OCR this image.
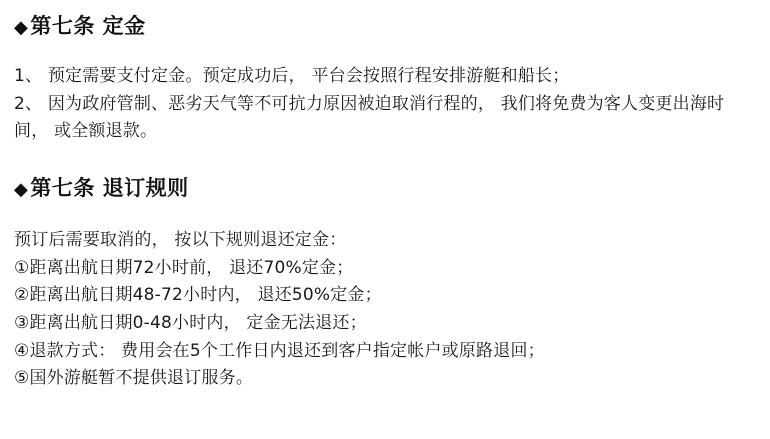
◆ 第七条 定金

1、 预定需要支付定金。预定成功后， 平台会按照行程安排游艇和船长；

2、 因为政府管制、恶劣天气等不可抗力原因被迫取消行程的， 我们将免费为客人变更出海时间， 或全额退款。

◆ 第七条 退订规则

预订后需要取消的， 按以下规则退还定金：

①距离出航日期72小时前， 退还70%定金；

②距离出航日期48-72小时内， 退还50%定金；

③距离出航日期0-48小时内， 定金无法退还；

④退款方式： 费用会在5个工作日内退还到客户指定帐户或原路退回；

⑤国外游艇暂不提供退订服务。
